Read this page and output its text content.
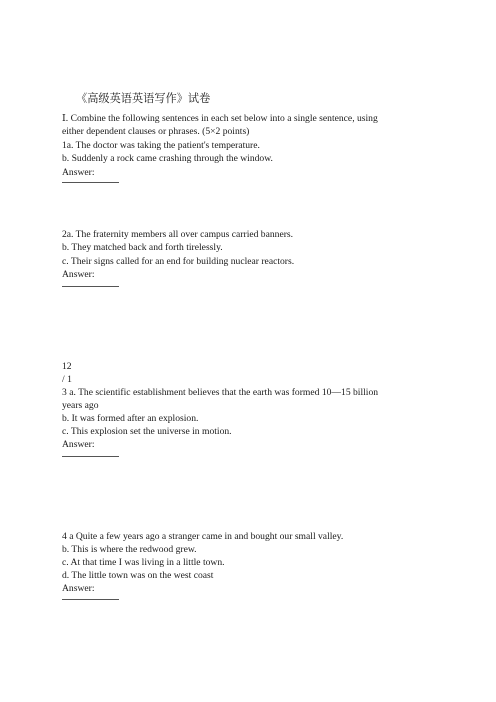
《高级英语英语写作》试卷
Ⅰ. Combine the following sentences in each set below into a single sentence, using
either dependent clauses or phrases. (5×2 points)
1a. The doctor was taking the patient's temperature.
b. Suddenly a rock came crashing through the window.
Answer:
2a. The fraternity members all over campus carried banners.
b. They matched back and forth tirelessly.
c. Their signs called for an end for building nuclear reactors.
Answer:
12
/ 1
3 a. The scientific establishment believes that the earth was formed 10—15 billion
years ago
b. It was formed after an explosion.
c. This explosion set the universe in motion.
Answer:
4 a Quite a few years ago a stranger came in and bought our small valley.
b. This is where the redwood grew.
c. At that time I was living in a little town.
d. The little town was on the west coast
Answer:
